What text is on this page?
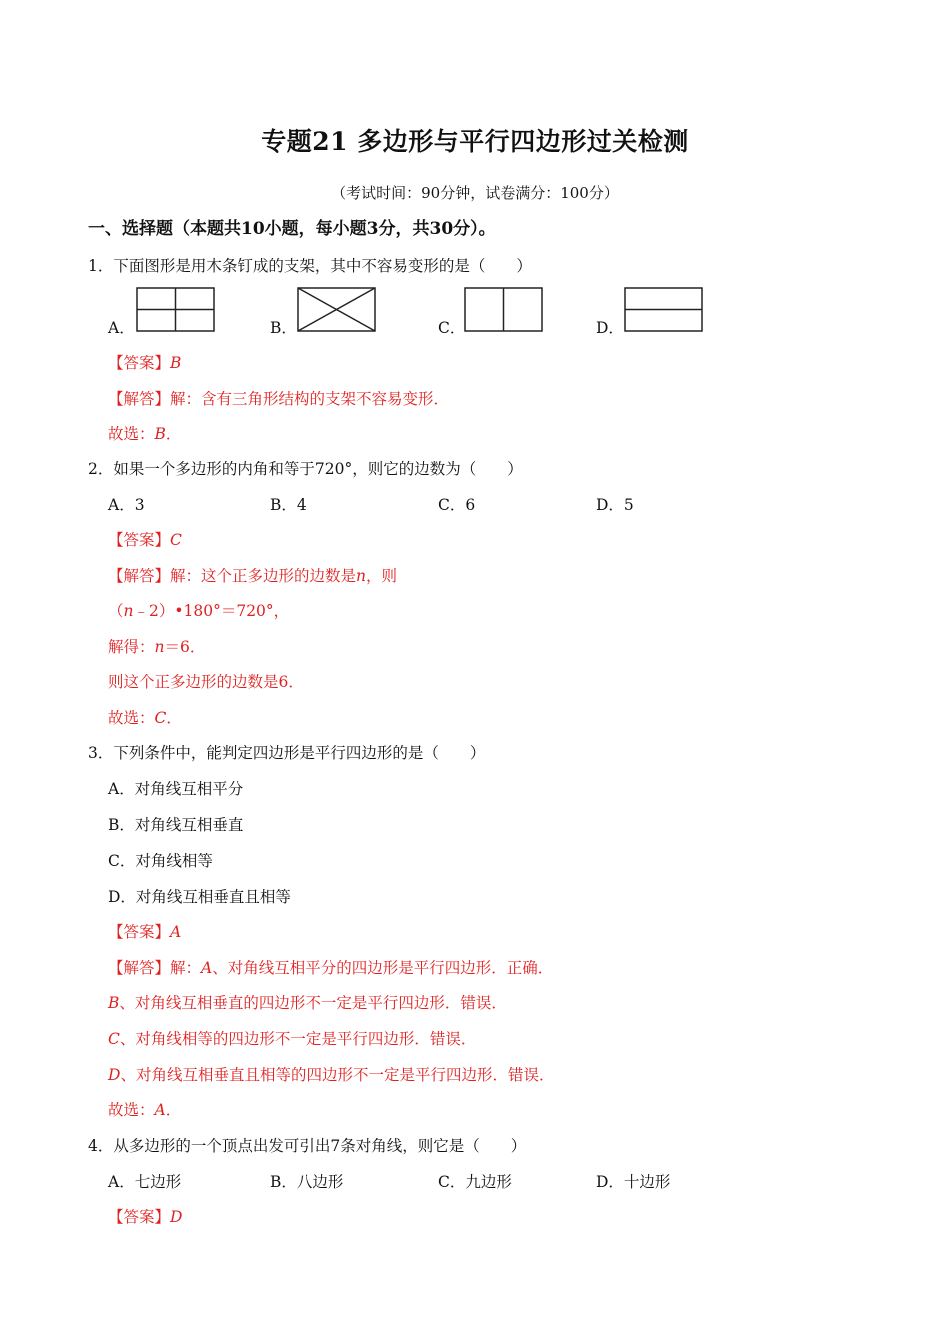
专题21 多边形与平行四边形过关检测
（考试时间：90分钟，试卷满分：100分）
一、选择题（本题共10小题，每小题3分，共30分）。
1．下面图形是用木条钉成的支架，其中不容易变形的是（　　）
A．	B．	C．	D．
【答案】B
【解答】解：含有三角形结构的支架不容易变形．
故选：B．
2．如果一个多边形的内角和等于720°，则它的边数为（　　）
A．3	B．4	C．6	D．5
【答案】C
【解答】解：这个正多边形的边数是n，则
（n﹣2）•180°＝720°，
解得：n＝6．
则这个正多边形的边数是6．
故选：C．
3．下列条件中，能判定四边形是平行四边形的是（　　）
A．对角线互相平分
B．对角线互相垂直
C．对角线相等
D．对角线互相垂直且相等
【答案】A
【解答】解：A、对角线互相平分的四边形是平行四边形．正确．
B、对角线互相垂直的四边形不一定是平行四边形．错误．
C、对角线相等的四边形不一定是平行四边形．错误．
D、对角线互相垂直且相等的四边形不一定是平行四边形．错误．
故选：A．
4．从多边形的一个顶点出发可引出7条对角线，则它是（　　）
A．七边形	B．八边形	C．九边形	D．十边形
【答案】D
